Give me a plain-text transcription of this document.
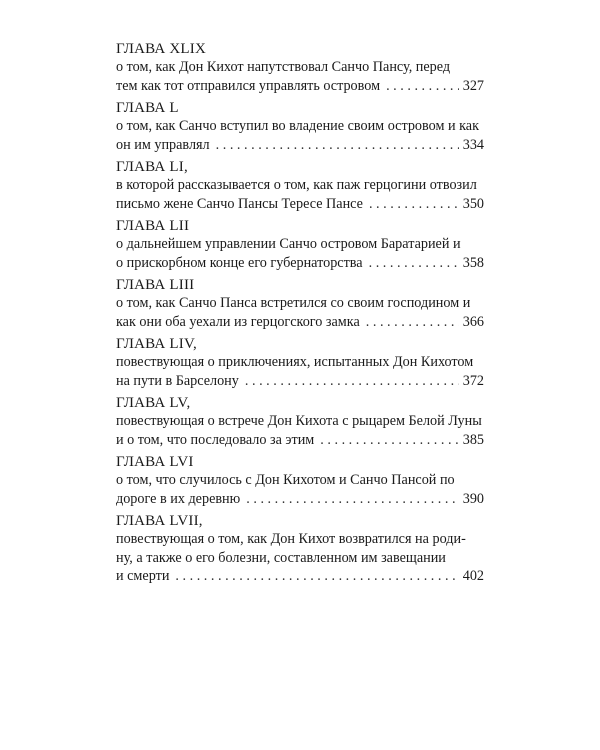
ГЛАВА XLIX
о том, как Дон Кихот напутствовал Санчо Пансу, перед
тем как тот отправился управлять островом . . .	327
ГЛАВА L
о том, как Санчо вступил во владение своим островом и как
он им управлял . . .	334
ГЛАВА LI,
в которой рассказывается о том, как паж герцогини отвозил
письмо жене Санчо Пансы Тересе Пансе . . .	350
ГЛАВА LII
о дальнейшем управлении Санчо островом Баратарией и
о прискорбном конце его губернаторства . . .	358
ГЛАВА LIII
о том, как Санчо Панса встретился со своим господином и
как они оба уехали из герцогского замка . . .	366
ГЛАВА LIV,
повествующая о приключениях, испытанных Дон Кихотом
на пути в Барселону . . .	372
ГЛАВА LV,
повествующая о встрече Дон Кихота с рыцарем Белой Луны
и о том, что последовало за этим . . .	385
ГЛАВА LVI
о том, что случилось с Дон Кихотом и Санчо Пансой по
дороге в их деревню . . .	390
ГЛАВА LVII,
повествующая о том, как Дон Кихот возвратился на роди-
ну, а также о его болезни, составленном им завещании
и смерти . . .	402
